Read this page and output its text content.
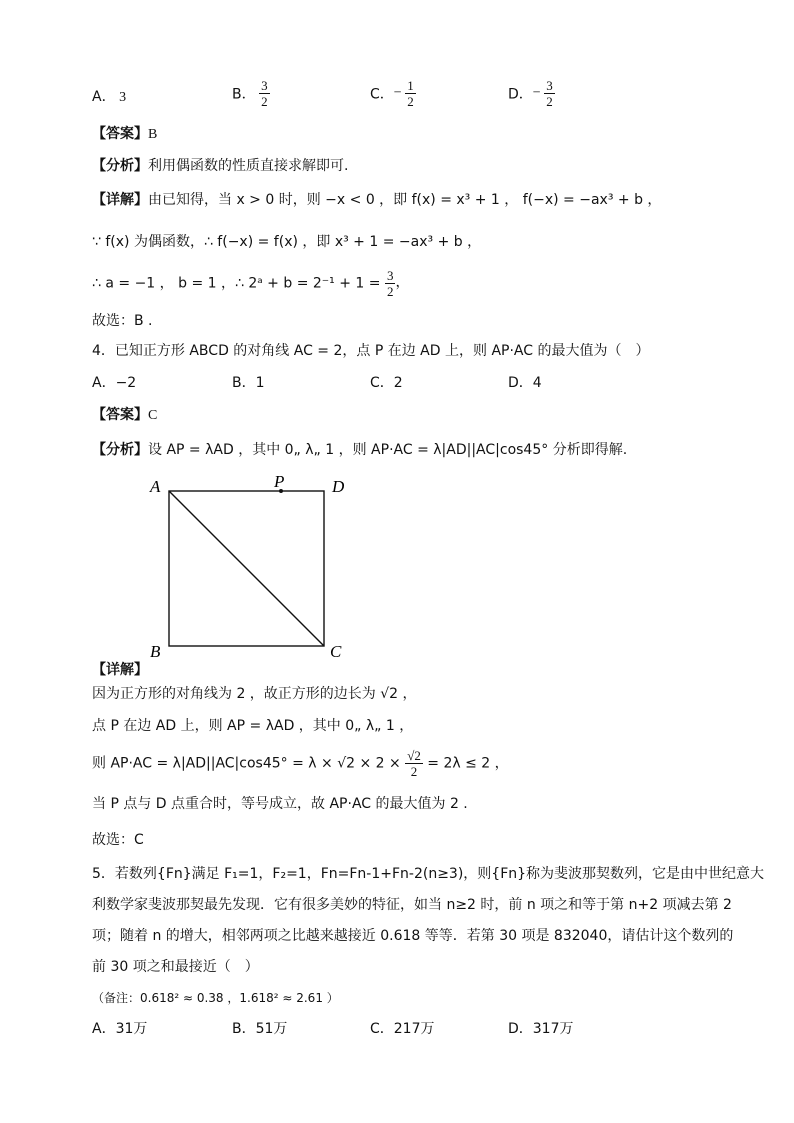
A． 3	B． $\frac{3}{2}$	C．− $\frac{1}{2}$	D．− $\frac{3}{2}$
【答案】B
【分析】利用偶函数的性质直接求解即可.
【详解】由已知得，当 x > 0 时，则 −x < 0 ，即 f(x) = x³ + 1 ， f(−x) = −ax³ + b ，
∵ f(x) 为偶函数，∴ f(−x) = f(x) ，即 x³ + 1 = −ax³ + b ，
∴ a = −1 ， b = 1 ，∴ 2ᵃ + $b = 2^{-1} + 1 = \frac{3}{2}$ ，
故选：B .
4．已知正方形 ABCD 的对角线 AC = 2，点 P 在边 AD 上，则 AP·AC 的最大值为（　）
A．−2	B．1	C．2	D．4
【答案】C
【分析】设 AP = λAD ，其中 0„ λ„ 1 ，则 AP·AC = λ|AD||AC|cos45° 分析即得解.
A	P	D
B	C
【详解】
因为正方形的对角线为 2 ，故正方形的边长为 √2 ，
点 P 在边 AD 上，则 AP = λAD ，其中 0„ λ„ 1 ，
则 $AP\cdot AC = \lambda|AD||AC|\cos 45^\circ = \lambda \times √2 \times 2 \times \frac{√2}{2} = 2\lambda \le 2$ ，
当 P 点与 D 点重合时，等号成立，故 AP·AC 的最大值为 2 .
故选：C
5．若数列{Fn}满足 F₁=1，F₂=1，Fn=Fn-1+Fn-2(n≥3)，则{Fn}称为斐波那契数列，它是由中世纪意大
利数学家斐波那契最先发现．它有很多美妙的特征，如当 n≥2 时，前 n 项之和等于第 n+2 项减去第 2
项；随着 n 的增大，相邻两项之比越来越接近 0.618 等等．若第 30 项是 832040，请估计这个数列的
前 30 项之和最接近（　）
（备注：0.618² ≈ 0.38 ，1.618² ≈ 2.61 ）
A．31万	B．51万	C．217万	D．317万
